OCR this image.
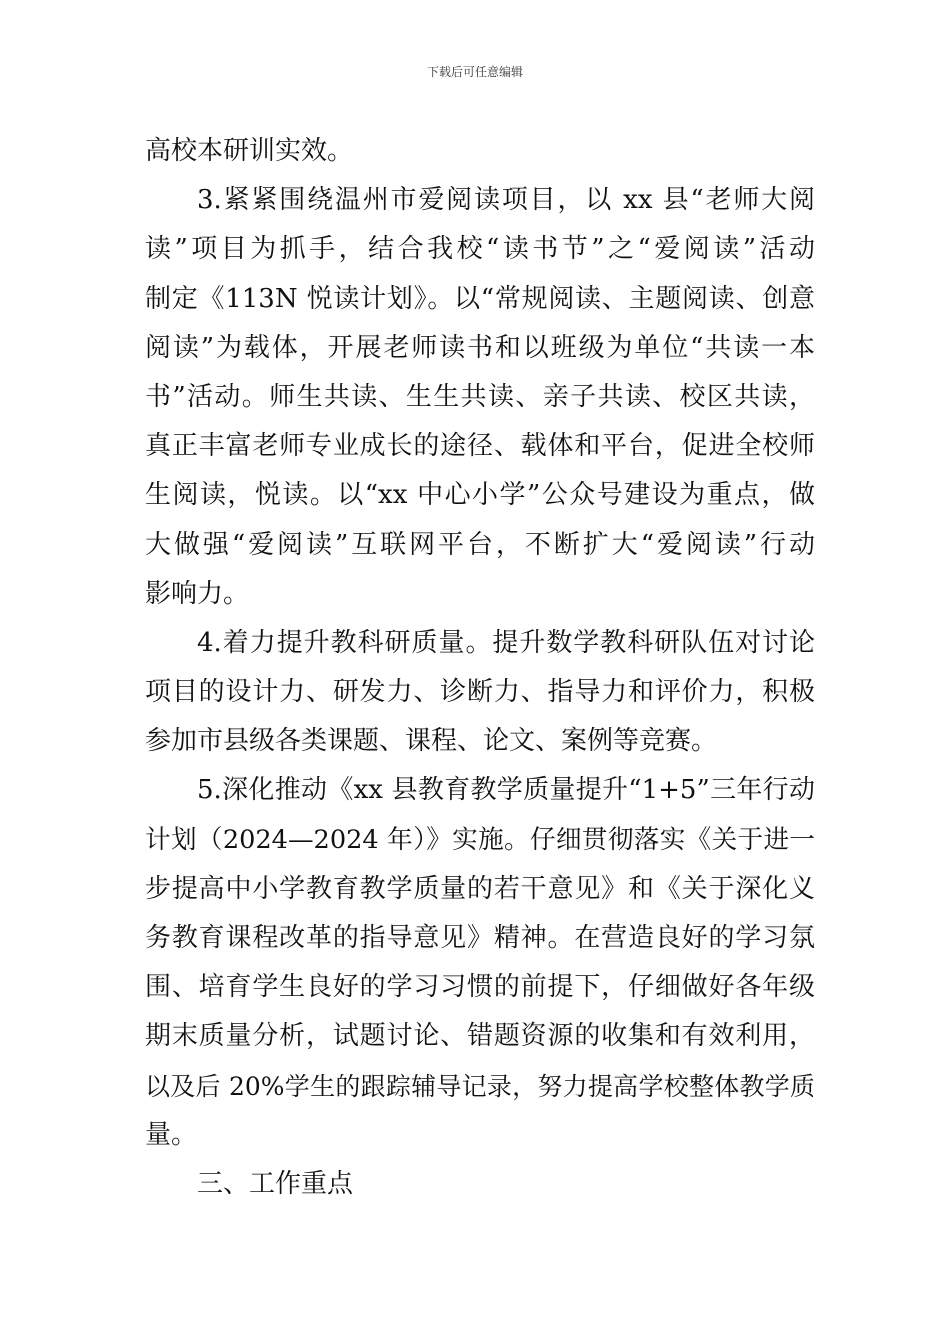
下载后可任意编辑
高校本研训实效。
3.紧紧围绕温州市爱阅读项目，以 xx 县“老师大阅
读”项目为抓手，结合我校“读书节”之“爱阅读”活动
制定《113N 悦读计划》。以“常规阅读、主题阅读、创意
阅读”为载体，开展老师读书和以班级为单位“共读一本
书”活动。师生共读、生生共读、亲子共读、校区共读，
真正丰富老师专业成长的途径、载体和平台，促进全校师
生阅读，悦读。以“xx 中心小学”公众号建设为重点，做
大做强“爱阅读”互联网平台，不断扩大“爱阅读”行动
影响力。
4.着力提升教科研质量。提升数学教科研队伍对讨论
项目的设计力、研发力、诊断力、指导力和评价力，积极
参加市县级各类课题、课程、论文、案例等竞赛。
5.深化推动《xx 县教育教学质量提升“1+5”三年行动
计划（2024—2024 年）》实施。仔细贯彻落实《关于进一
步提高中小学教育教学质量的若干意见》和《关于深化义
务教育课程改革的指导意见》精神。在营造良好的学习氛
围、培育学生良好的学习习惯的前提下，仔细做好各年级
期末质量分析，试题讨论、错题资源的收集和有效利用，
以及后 20%学生的跟踪辅导记录，努力提高学校整体教学质
量。
三、工作重点
